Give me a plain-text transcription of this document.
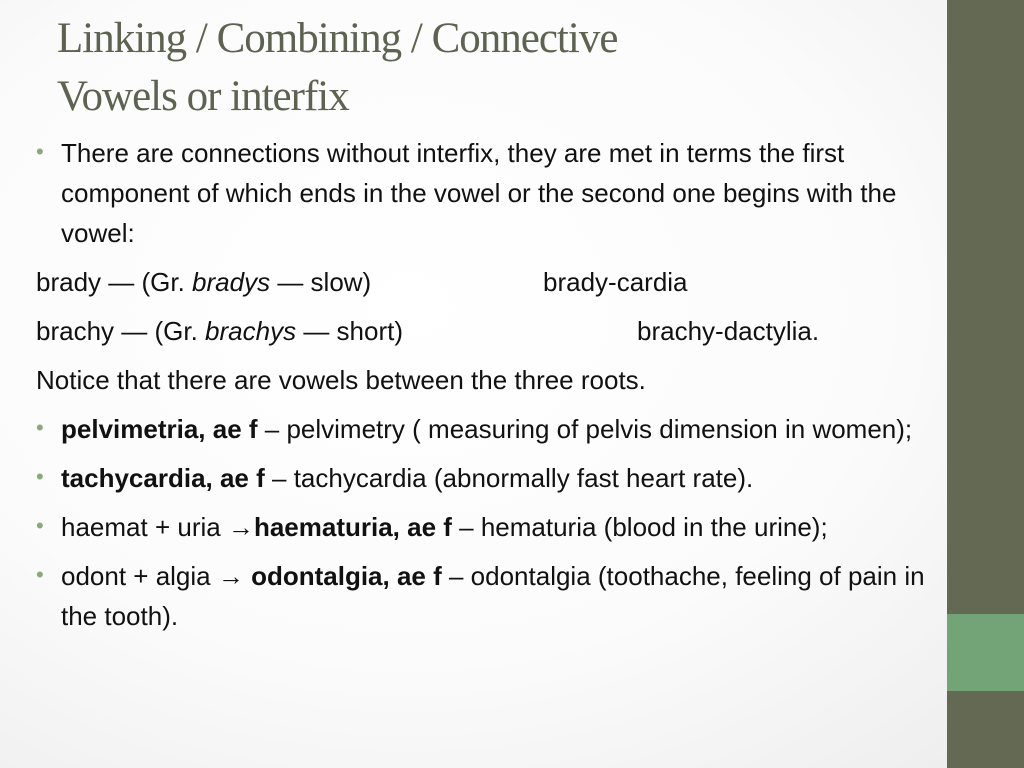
Linking / Combining / Connective
Vowels or interfix
• There are connections without interfix, they are met in terms the first component of which ends in the vowel or the second one begins with the vowel:
brady — (Gr. bradys — slow)	brady-cardia
brachy — (Gr. brachys — short)	brachy-dactylia.
Notice that there are vowels between the three roots.
• pelvimetria, ae f – pelvimetry ( measuring of pelvis dimension in women);
• tachycardia, ae f – tachycardia (abnormally fast heart rate).
• haemat + uria →haematuria, ae f – hematuria (blood in the urine);
• odont + algia → odontalgia, ae f – odontalgia (toothache, feeling of pain in the tooth).
